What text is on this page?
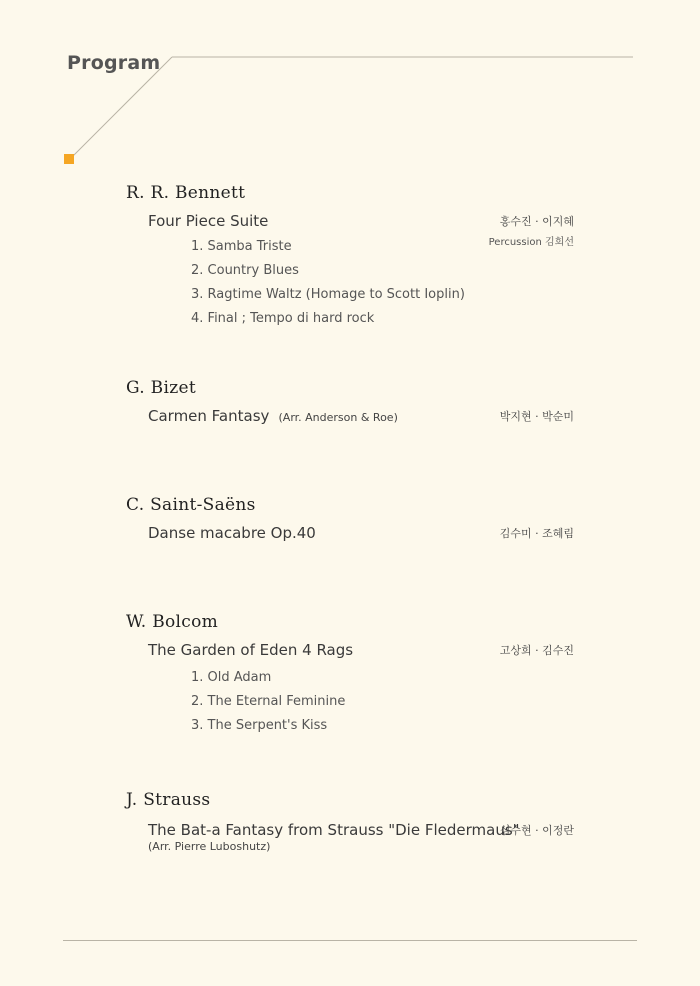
Program
R. R. Bennett
Four Piece Suite	홍수진 · 이지혜
Percussion 김희선
1. Samba Triste
2. Country Blues
3. Ragtime Waltz (Homage to Scott Ioplin)
4. Final ; Tempo di hard rock
G. Bizet
Carmen Fantasy (Arr. Anderson & Roe)	박지현 · 박순미
C. Saint-Saëns
Danse macabre Op.40	김수미 · 조혜림
W. Bolcom
The Garden of Eden 4 Rags	고상희 · 김수진
1. Old Adam
2. The Eternal Feminine
3. The Serpent's Kiss
J. Strauss
The Bat-a Fantasy from Strauss "Die Fledermaus"
심수현 · 이정란
(Arr. Pierre Luboshutz)
